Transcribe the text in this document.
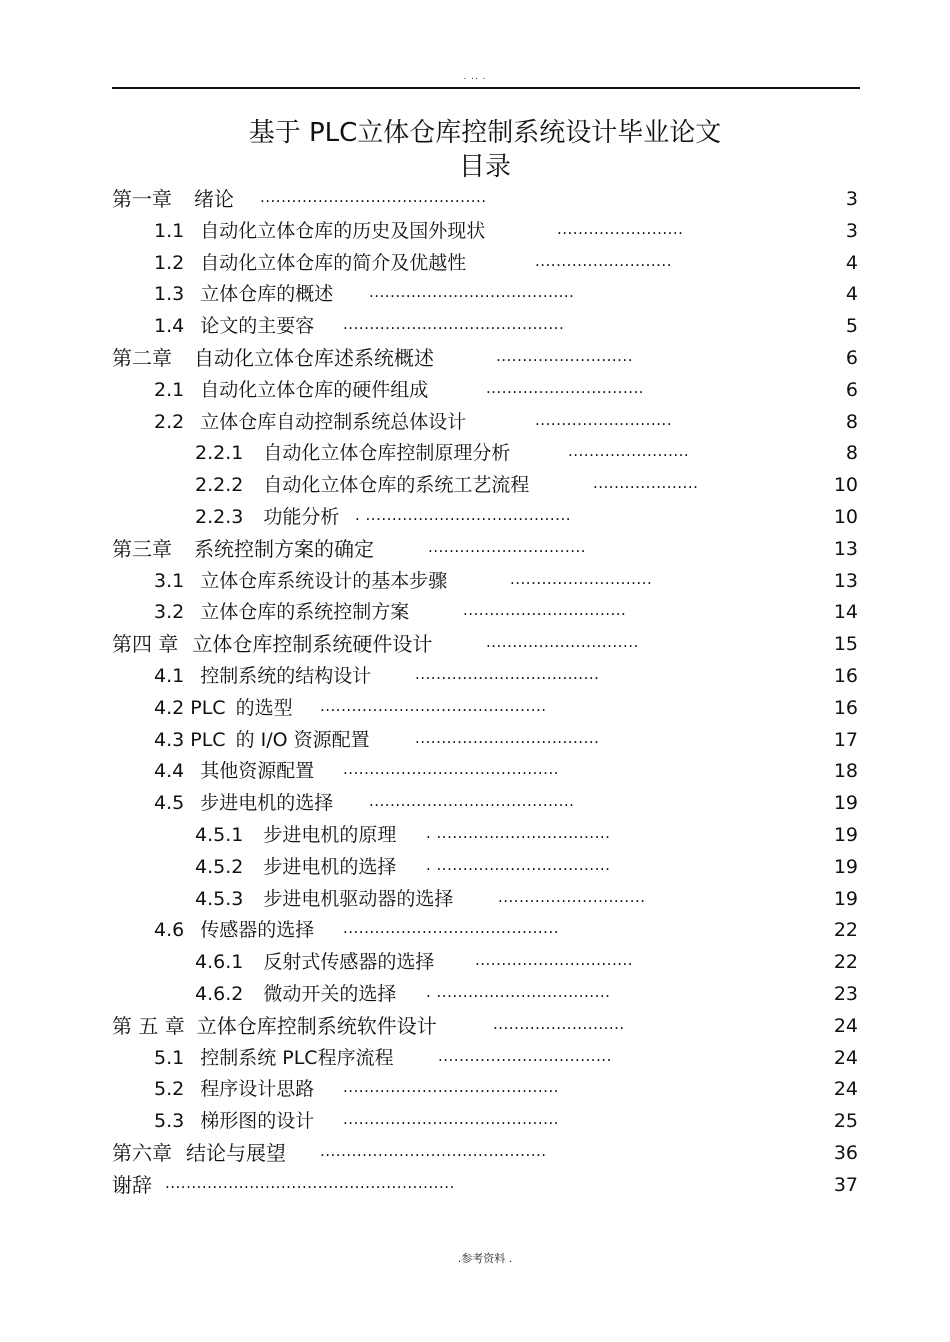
. .. .
基于 PLC立体仓库控制系统设计毕业论文
目录
第一章 绪论 ...........................................	3
1.1 自动化立体仓库的历史及国外现状	........................	3
1.2 自动化立体仓库的简介及优越性	..........................	4
1.3 立体仓库的概述 .......................................	4
1.4 论文的主要容 ..........................................	5
第二章 自动化立体仓库述系统概述	..........................	6
2.1 自动化立体仓库的硬件组成	..............................	6
2.2 立体仓库自动控制系统总体设计	..........................	8
2.2.1 自动化立体仓库控制原理分析	.......................	8
2.2.2 自动化立体仓库的系统工艺流程	....................	10
2.2.3 功能分析 . .......................................	10
第三章 系统控制方案的确定	..............................	13
3.1 立体仓库系统设计的基本步骤	...........................	13
3.2 立体仓库的系统控制方案	...............................	14
第四 章 立体仓库控制系统硬件设计	.............................	15
4.1 控制系统的结构设计	...................................	16
4.2 PLC 的选型 ...........................................	16
4.3 PLC 的 I/O 资源配置	...................................	17
4.4 其他资源配置 .........................................	18
4.5 步进电机的选择 .......................................	19
4.5.1 步进电机的原理 . .................................	19
4.5.2 步进电机的选择 . .................................	19
4.5.3 步进电机驱动器的选择	............................	19
4.6 传感器的选择 .........................................	22
4.6.1 反射式传感器的选择	..............................	22
4.6.2 微动开关的选择 . .................................	23
第 五 章 立体仓库控制系统软件设计	.........................	24
5.1 控制系统 PLC程序流程	.................................	24
5.2 程序设计思路 .........................................	24
5.3 梯形图的设计 .........................................	25
第六章 结论与展望 ...........................................	36
谢辞 .......................................................	37
.参考资料 .
